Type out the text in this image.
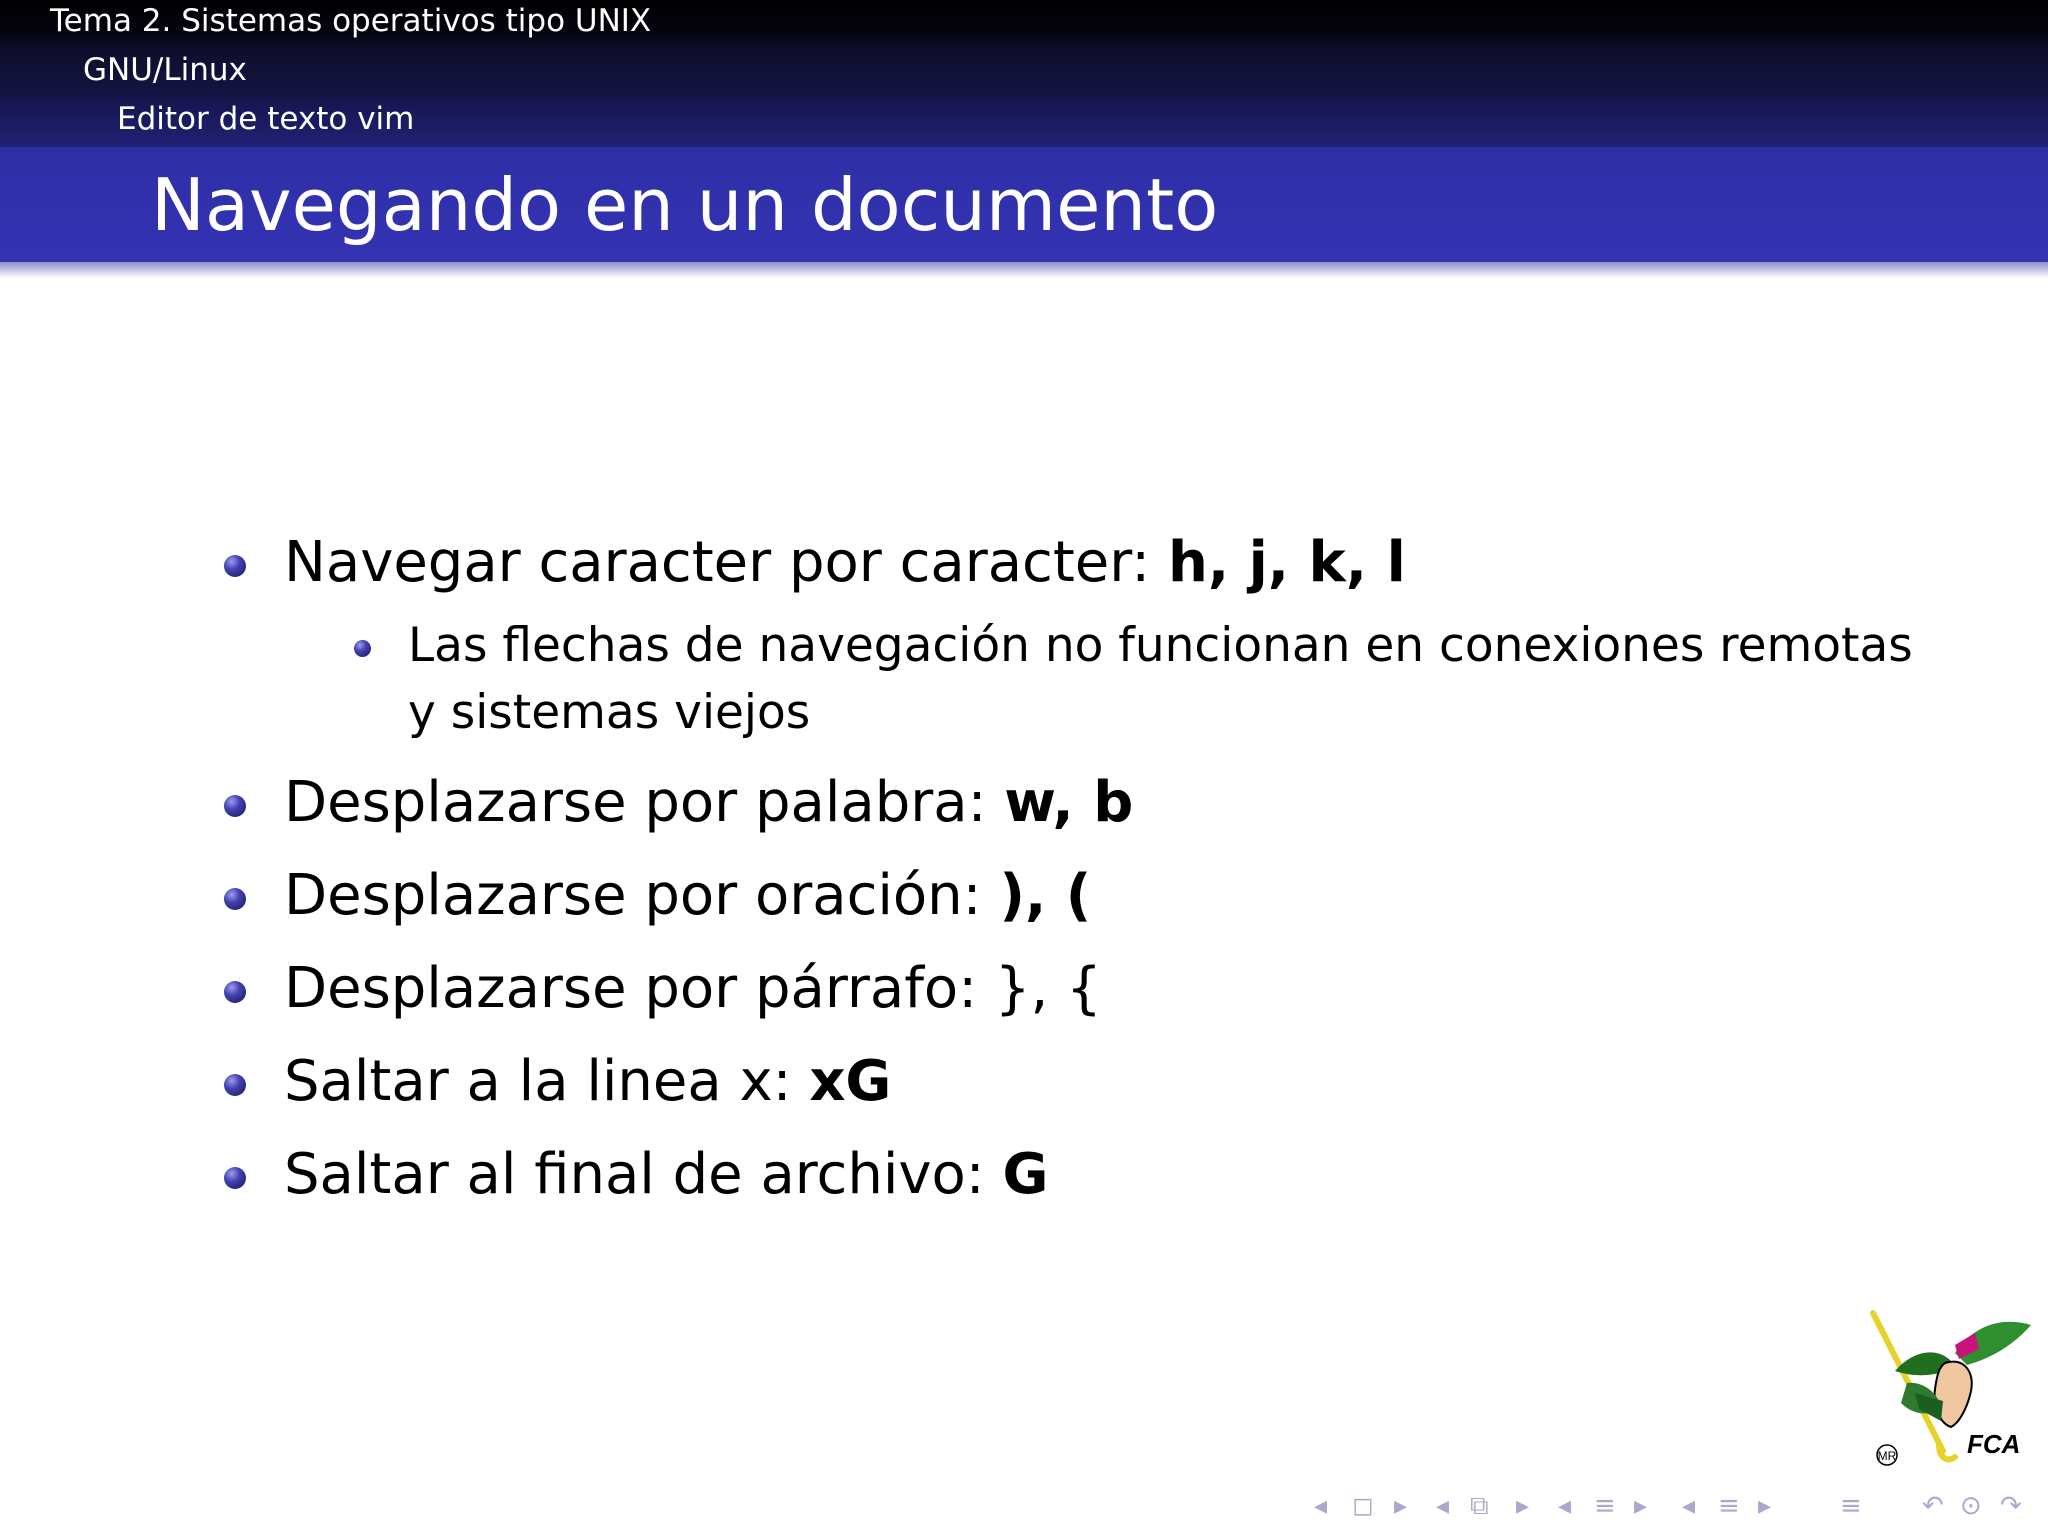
Tema 2. Sistemas operativos tipo UNIX
GNU/Linux
Editor de texto vim
Navegando en un documento
Navegar caracter por caracter: h, j, k, l
Las flechas de navegación no funcionan en conexiones remotas
y sistemas viejos
Desplazarse por palabra: w, b
Desplazarse por oración: ), (
Desplazarse por párrafo: }, {
Saltar a la linea x: xG
Saltar al final de archivo: G
MR	FCA
◂ ◻ ▸ ◂ ⧉ ▸ ◂ ≡ ▸ ◂ ≡ ▸	≡ ↶ ⊙ ↷
